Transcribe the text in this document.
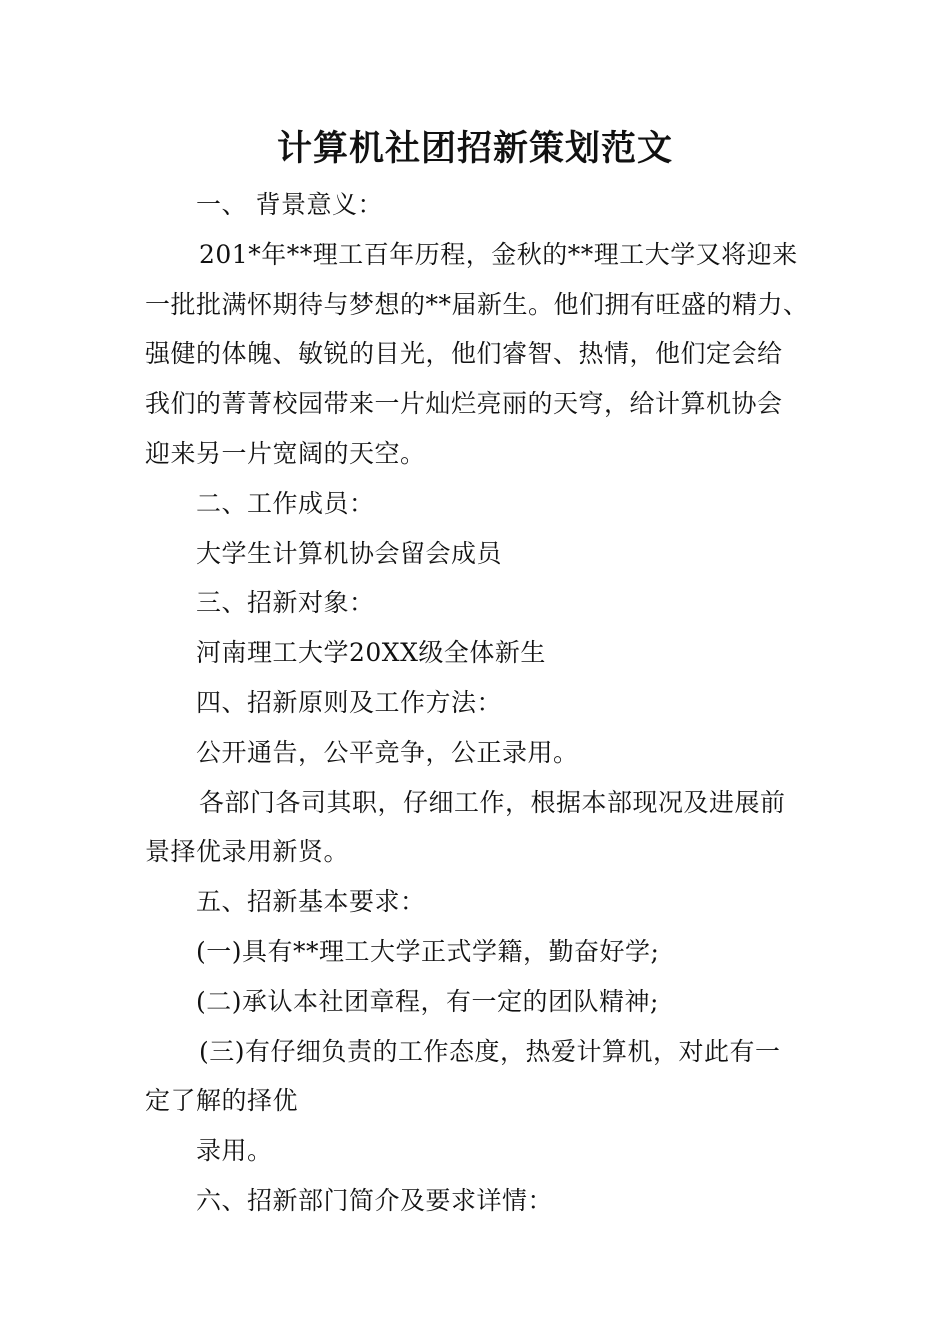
计算机社团招新策划范文
一、 背景意义：
201*年**理工百年历程，金秋的**理工大学又将迎来
一批批满怀期待与梦想的**届新生。他们拥有旺盛的精力、
强健的体魄、敏锐的目光，他们睿智、热情，他们定会给
我们的菁菁校园带来一片灿烂亮丽的天穹，给计算机协会
迎来另一片宽阔的天空。
二、工作成员：
大学生计算机协会留会成员
三、招新对象：
河南理工大学20XX级全体新生
四、招新原则及工作方法：
公开通告，公平竞争，公正录用。
各部门各司其职，仔细工作，根据本部现况及进展前
景择优录用新贤。
五、招新基本要求：
(一)具有**理工大学正式学籍，勤奋好学;
(二)承认本社团章程，有一定的团队精神;
(三)有仔细负责的工作态度，热爱计算机，对此有一
定了解的择优
录用。
六、招新部门简介及要求详情：
